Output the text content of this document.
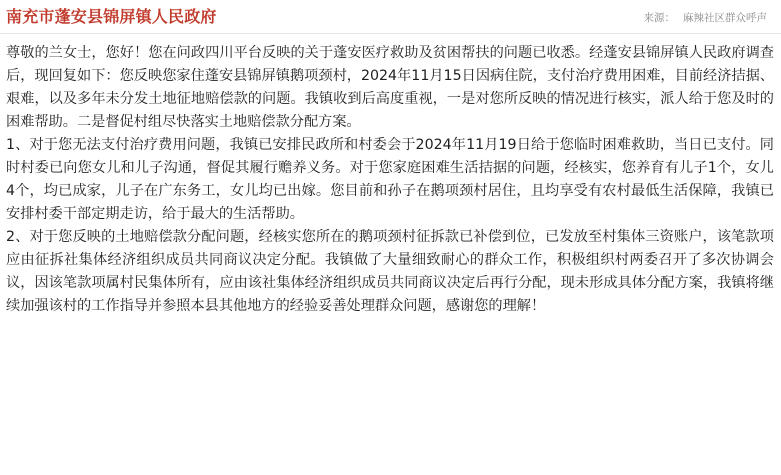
南充市蓬安县锦屏镇人民政府	来源： 麻辣社区群众呼声

尊敬的兰女士，您好！您在问政四川平台反映的关于蓬安医疗救助及贫困帮扶的问题已收悉。经蓬安县锦屏镇人民政府调查后，现回复如下：您反映您家住蓬安县锦屏镇鹅项颈村，2024年11月15日因病住院，支付治疗费用困难，目前经济拮据、艰难，以及多年未分发土地征地赔偿款的问题。我镇收到后高度重视，一是对您所反映的情况进行核实，派人给于您及时的困难帮助。二是督促村组尽快落实土地赔偿款分配方案。

1、对于您无法支付治疗费用问题，我镇已安排民政所和村委会于2024年11月19日给于您临时困难救助，当日已支付。同时村委已向您女儿和儿子沟通，督促其履行赡养义务。对于您家庭困难生活拮据的问题，经核实，您养育有儿子1个，女儿4个，均已成家，儿子在广东务工，女儿均已出嫁。您目前和孙子在鹅项颈村居住，且均享受有农村最低生活保障，我镇已安排村委干部定期走访，给于最大的生活帮助。

2、对于您反映的土地赔偿款分配问题，经核实您所在的鹅项颈村征拆款已补偿到位，已发放至村集体三资账户，该笔款项应由征拆社集体经济组织成员共同商议决定分配。我镇做了大量细致耐心的群众工作，积极组织村两委召开了多次协调会议，因该笔款项属村民集体所有，应由该社集体经济组织成员共同商议决定后再行分配，现未形成具体分配方案，我镇将继续加强该村的工作指导并参照本县其他地方的经验妥善处理群众问题，感谢您的理解！
